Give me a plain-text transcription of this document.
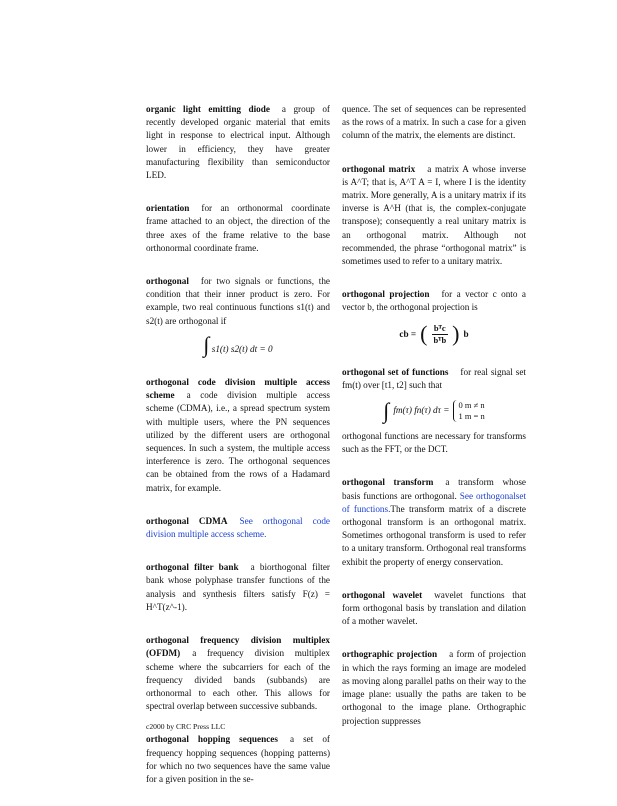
organic light emitting diode a group of recently developed organic material that emits light in response to electrical input. Although lower in efficiency, they have greater manufacturing flexibility than semiconductor LED.
orientation for an orthonormal coordinate frame attached to an object, the direction of the three axes of the frame relative to the base orthonormal coordinate frame.
orthogonal for two signals or functions, the condition that their inner product is zero. For example, two real continuous functions s1(t) and s2(t) are orthogonal if
∫ s1(t) s2(t) dt = 0
orthogonal code division multiple access scheme a code division multiple access scheme (CDMA), i.e., a spread spectrum system with multiple users, where the PN sequences utilized by the different users are orthogonal sequences. In such a system, the multiple access interference is zero. The orthogonal sequences can be obtained from the rows of a Hadamard matrix, for example.
orthogonal CDMA See orthogonal code division multiple access scheme.
orthogonal filter bank a biorthogonal filter bank whose polyphase transfer functions of the analysis and synthesis filters satisfy F(z) = H^T(z^-1).
orthogonal frequency division multiplex (OFDM) a frequency division multiplex scheme where the subcarriers for each of the frequency divided bands (subbands) are orthonormal to each other. This allows for spectral overlap between successive subbands.
orthogonal hopping sequences a set of frequency hopping sequences (hopping patterns) for which no two sequences have the same value for a given position in the se-
quence. The set of sequences can be represented as the rows of a matrix. In such a case for a given column of the matrix, the elements are distinct.
orthogonal matrix a matrix A whose inverse is A^T; that is, A^T A = I, where I is the identity matrix. More generally, A is a unitary matrix if its inverse is A^H (that is, the complex-conjugate transpose); consequently a real unitary matrix is an orthogonal matrix. Although not recommended, the phrase “orthogonal matrix” is sometimes used to refer to a unitary matrix.
orthogonal projection for a vector c onto a vector b, the orthogonal projection is
cb = ( $\frac{\text{bᵀc}}{\text{bᵀb}}$ ) b
orthogonal set of functions for real signal set fm(t) over [t1, t2] such that
∫ fm(τ) fn(τ) dτ =
0 m ≠ n
1 m = n
orthogonal functions are necessary for transforms such as the FFT, or the DCT.
orthogonal transform a transform whose basis functions are orthogonal. See orthogonalset of functions.The transform matrix of a discrete orthogonal transform is an orthogonal matrix. Sometimes orthogonal transform is used to refer to a unitary transform. Orthogonal real transforms exhibit the property of energy conservation.
orthogonal wavelet wavelet functions that form orthogonal basis by translation and dilation of a mother wavelet.
orthographic projection a form of projection in which the rays forming an image are modeled as moving along parallel paths on their way to the image plane: usually the paths are taken to be orthogonal to the image plane. Orthographic projection suppresses
c2000 by CRC Press LLC
